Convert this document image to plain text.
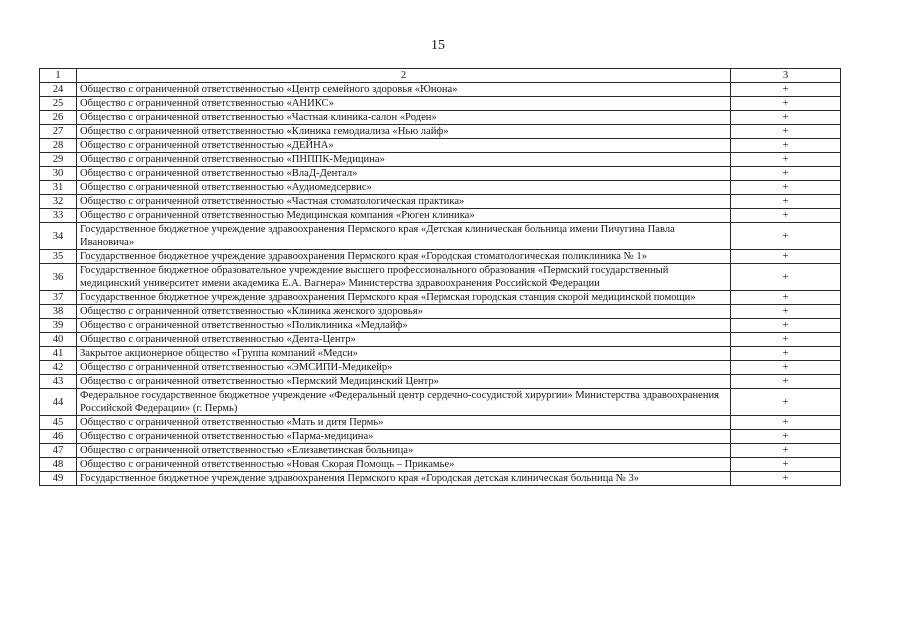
15
1	2	3
24	Общество с ограниченной ответственностью «Центр семейного здоровья «Юнона»	+
25	Общество с ограниченной ответственностью «АНИКС»	+
26	Общество с ограниченной ответственностью «Частная клиника-салон «Роден»	+
27	Общество с ограниченной ответственностью «Клиника гемодиализа «Нью лайф»	+
28	Общество с ограниченной ответственностью «ДЕЙНА»	+
29	Общество с ограниченной ответственностью «ПНППК-Медицина»	+
30	Общество с ограниченной ответственностью «ВлаД-Дентал»	+
31	Общество с ограниченной ответственностью «Аудиомедсервис»	+
32	Общество с ограниченной ответственностью «Частная стоматологическая практика»	+
33	Общество с ограниченной ответственностью Медицинская компания «Рюген клиника»	+
34	Государственное бюджетное учреждение здравоохранения Пермского края «Детская клиническая больница имени Пичугина Павла Ивановича»	+
35	Государственное бюджетное учреждение здравоохранения Пермского края «Городская стоматологическая поликлиника № 1»	+
36	Государственное бюджетное образовательное учреждение высшего профессионального образования «Пермский государственный медицинский университет имени академика Е.А. Вагнера» Министерства здравоохранения Российской Федерации	+
37	Государственное бюджетное учреждение здравоохранения Пермского края «Пермская городская станция скорой медицинской помощи»	+
38	Общество с ограниченной ответственностью «Клиника женского здоровья»	+
39	Общество с ограниченной ответственностью «Поликлиника «Медлайф»	+
40	Общество с ограниченной ответственностью «Дента-Центр»	+
41	Закрытое акционерное общество «Группа компаний «Медси»	+
42	Общество с ограниченной ответственностью «ЭМСИПИ-Медикейр»	+
43	Общество с ограниченной ответственностью «Пермский Медицинский Центр»	+
44	Федеральное государственное бюджетное учреждение «Федеральный центр сердечно-сосудистой хирургии» Министерства здравоохранения Российской Федерации» (г. Пермь)	+
45	Общество с ограниченной ответственностью «Мать и дитя Пермь»	+
46	Общество с ограниченной ответственностью «Парма-медицина»	+
47	Общество с ограниченной ответственностью «Елизаветинская больница»	+
48	Общество с ограниченной ответственностью «Новая Скорая Помощь – Прикамье»	+
49	Государственное бюджетное учреждение здравоохранения Пермского края «Городская детская клиническая больница № 3»	+
